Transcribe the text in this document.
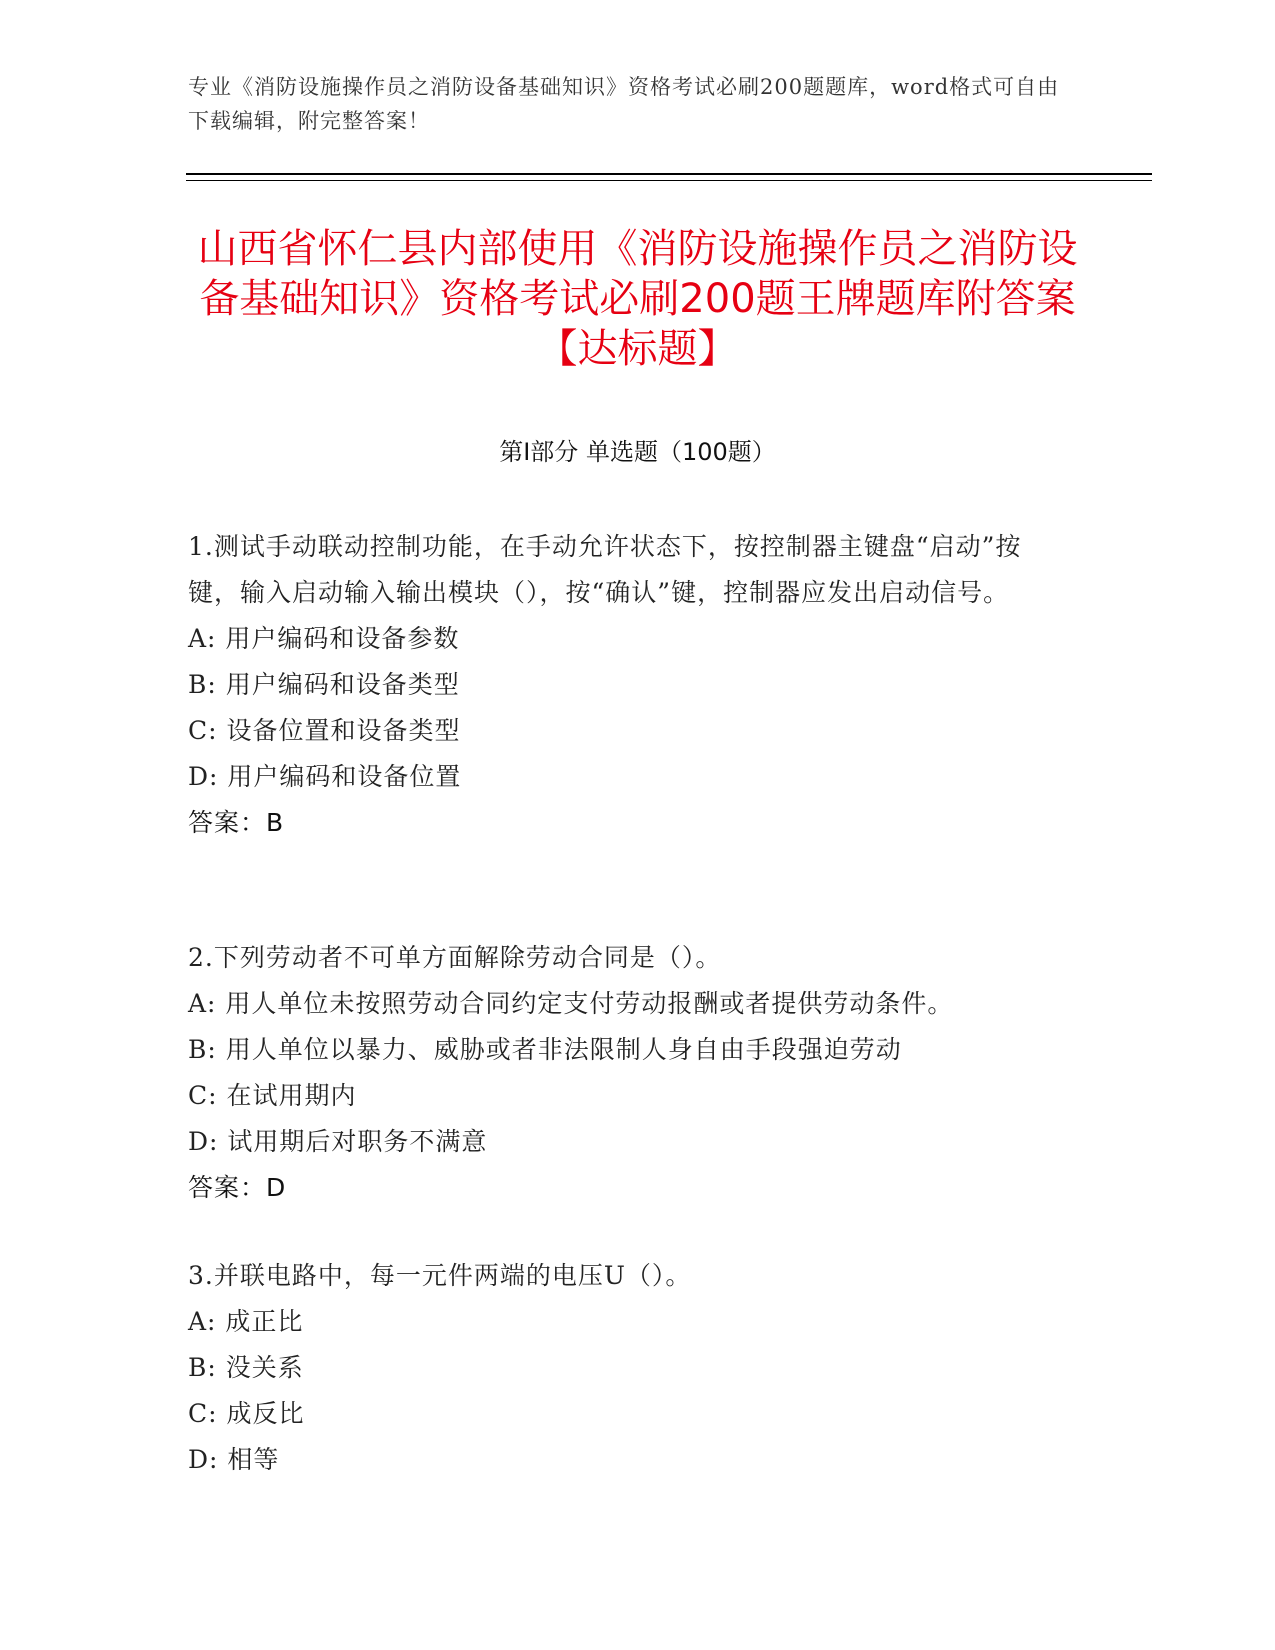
专业《消防设施操作员之消防设备基础知识》资格考试必刷200题题库，word格式可自由下载编辑，附完整答案！
山西省怀仁县内部使用《消防设施操作员之消防设备基础知识》资格考试必刷200题王牌题库附答案【达标题】
第I部分 单选题（100题）

1.测试手动联动控制功能，在手动允许状态下，按控制器主键盘“启动”按键，输入启动输入输出模块（），按“确认”键，控制器应发出启动信号。

A: 用户编码和设备参数

B: 用户编码和设备类型

C: 设备位置和设备类型

D: 用户编码和设备位置

答案：B

2.下列劳动者不可单方面解除劳动合同是（）。

A: 用人单位未按照劳动合同约定支付劳动报酬或者提供劳动条件。

B: 用人单位以暴力、威胁或者非法限制人身自由手段强迫劳动

C: 在试用期内

D: 试用期后对职务不满意

答案：D

3.并联电路中，每一元件两端的电压U（）。

A: 成正比

B: 没关系

C: 成反比

D: 相等
